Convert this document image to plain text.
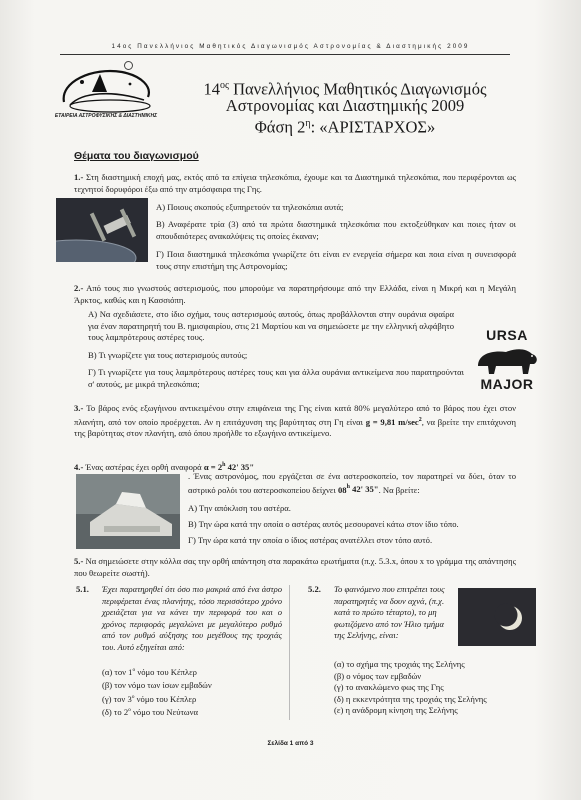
14ος Πανελλήνιος Μαθητικός Διαγωνισμός Αστρονομίας & Διαστημικής 2009
ΕΤΑΙΡΕΙΑ ΑΣΤΡΟΦΥΣΙΚΗΣ & ΔΙΑΣΤΗΜΙΚΗΣ
$14^{o\varsigma}$ Πανελλήνιος Μαθητικός Διαγωνισμός
Αστρονομίας και Διαστημικής 2009
Φάση $2^\eta$: «ΑΡΙΣΤΑΡΧΟΣ»
Θέματα του διαγωνισμού
1.- Στη διαστημική εποχή μας, εκτός από τα επίγεια τηλεσκόπια, έχουμε και τα Διαστημικά τηλεσκόπια, που περιφέρονται ως τεχνητοί δορυφόροι έξω από την ατμόσφαιρα της Γης.
Α) Ποιους σκοπούς εξυπηρετούν τα τηλεσκόπια αυτά;
Β) Αναφέρατε τρία (3) από τα πρώτα διαστημικά τηλεσκόπια που εκτοξεύθηκαν και ποιες ήταν οι σπουδαιότερες ανακαλύψεις τις οποίες έκαναν;
Γ) Ποια διαστημικά τηλεσκόπια γνωρίζετε ότι είναι εν ενεργεία σήμερα και ποια είναι η συνεισφορά τους στην επιστήμη της Αστρονομίας;
2.- Από τους πιο γνωστούς αστερισμούς, που μπορούμε να παρατηρήσουμε από την Ελλάδα, είναι η Μικρή και η Μεγάλη Άρκτος, καθώς και η Κασσιόπη.
Α) Να σχεδιάσετε, στο ίδιο σχήμα, τους αστερισμούς αυτούς, όπως προβάλλονται στην ουράνια σφαίρα για έναν παρατηρητή του Β. ημισφαιρίου, στις 21 Μαρτίου και να σημειώσετε με την ελληνική αλφάβητο τους λαμπρότερους αστέρες τους.
Β) Τι γνωρίζετε για τους αστερισμούς αυτούς;
Γ) Τι γνωρίζετε για τους λαμπρότερους αστέρες τους και για άλλα ουράνια αντικείμενα που παρατηρούνται σ' αυτούς, με μικρά τηλεσκόπια;
URSA
MAJOR
3.- Το βάρος ενός εξωγήινου αντικειμένου στην επιφάνεια της Γης είναι κατά 80% μεγαλύτερο από το βάρος που έχει στον πλανήτη, από τον οποίο προέρχεται. Αν η επιτάχυνση της βαρύτητας στη Γη είναι g = 9,81 $m/\sec^2$, να βρείτε την επιτάχυνση της βαρύτητας στον πλανήτη, από όπου προήλθε το εξωγήινο αντικείμενο.
4.- Ένας αστέρας έχει ορθή αναφορά $\alpha = 2^h$ 42' 35"
. Ένας αστρονόμος, που εργάζεται σε ένα αστεροσκοπείο, τον παρατηρεί να δύει, όταν το αστρικό ρολόι του αστεροσκοπείου δείχνει 08$^h$ 42' 35". Να βρείτε:
Α) Την απόκλιση του αστέρα.
Β) Την ώρα κατά την οποία ο αστέρας αυτός μεσουρανεί κάτω στον ίδιο τόπο.
Γ) Την ώρα κατά την οποία ο ίδιος αστέρας ανατέλλει στον τόπο αυτό.
5.- Να σημειώσετε στην κόλλα σας την ορθή απάντηση στα παρακάτω ερωτήματα (π.χ. 5.3.x, όπου x το γράμμα της απάντησης που θεωρείτε σωστή).
5.1.	Έχει παρατηρηθεί ότι όσο πιο μακριά από ένα άστρο περιφέρεται ένας πλανήτης, τόσο περισσότερο χρόνο χρειάζεται για να κάνει την περιφορά του και ο χρόνος περιφοράς μεγαλώνει με μεγαλύτερο ρυθμό από τον ρυθμό αύξησης του μεγέθους της τροχιάς του. Αυτό εξηγείται από:
(α) τον $1^o$ νόμο του Κέπλερ
(β) τον νόμο των ίσων εμβαδών
(γ) τον $3^o$ νόμο του Κέπλερ
(δ) το $2^o$ νόμο του Νεύτωνα
5.2.	Το φαινόμενο που επιτρέπει τους παρατηρητές να δουν αχνά, (π.χ. κατά το πρώτο τέταρτο), το μη φωτιζόμενο από τον Ήλιο τμήμα της Σελήνης, είναι:
(α) το σχήμα της τροχιάς της Σελήνης
(β) ο νόμος των εμβαδών
(γ) το ανακλώμενο φως της Γης
(δ) η εκκεντρότητα της τροχιάς της Σελήνης
(ε) η ανάδρομη κίνηση της Σελήνης
Σελίδα 1 από 3
